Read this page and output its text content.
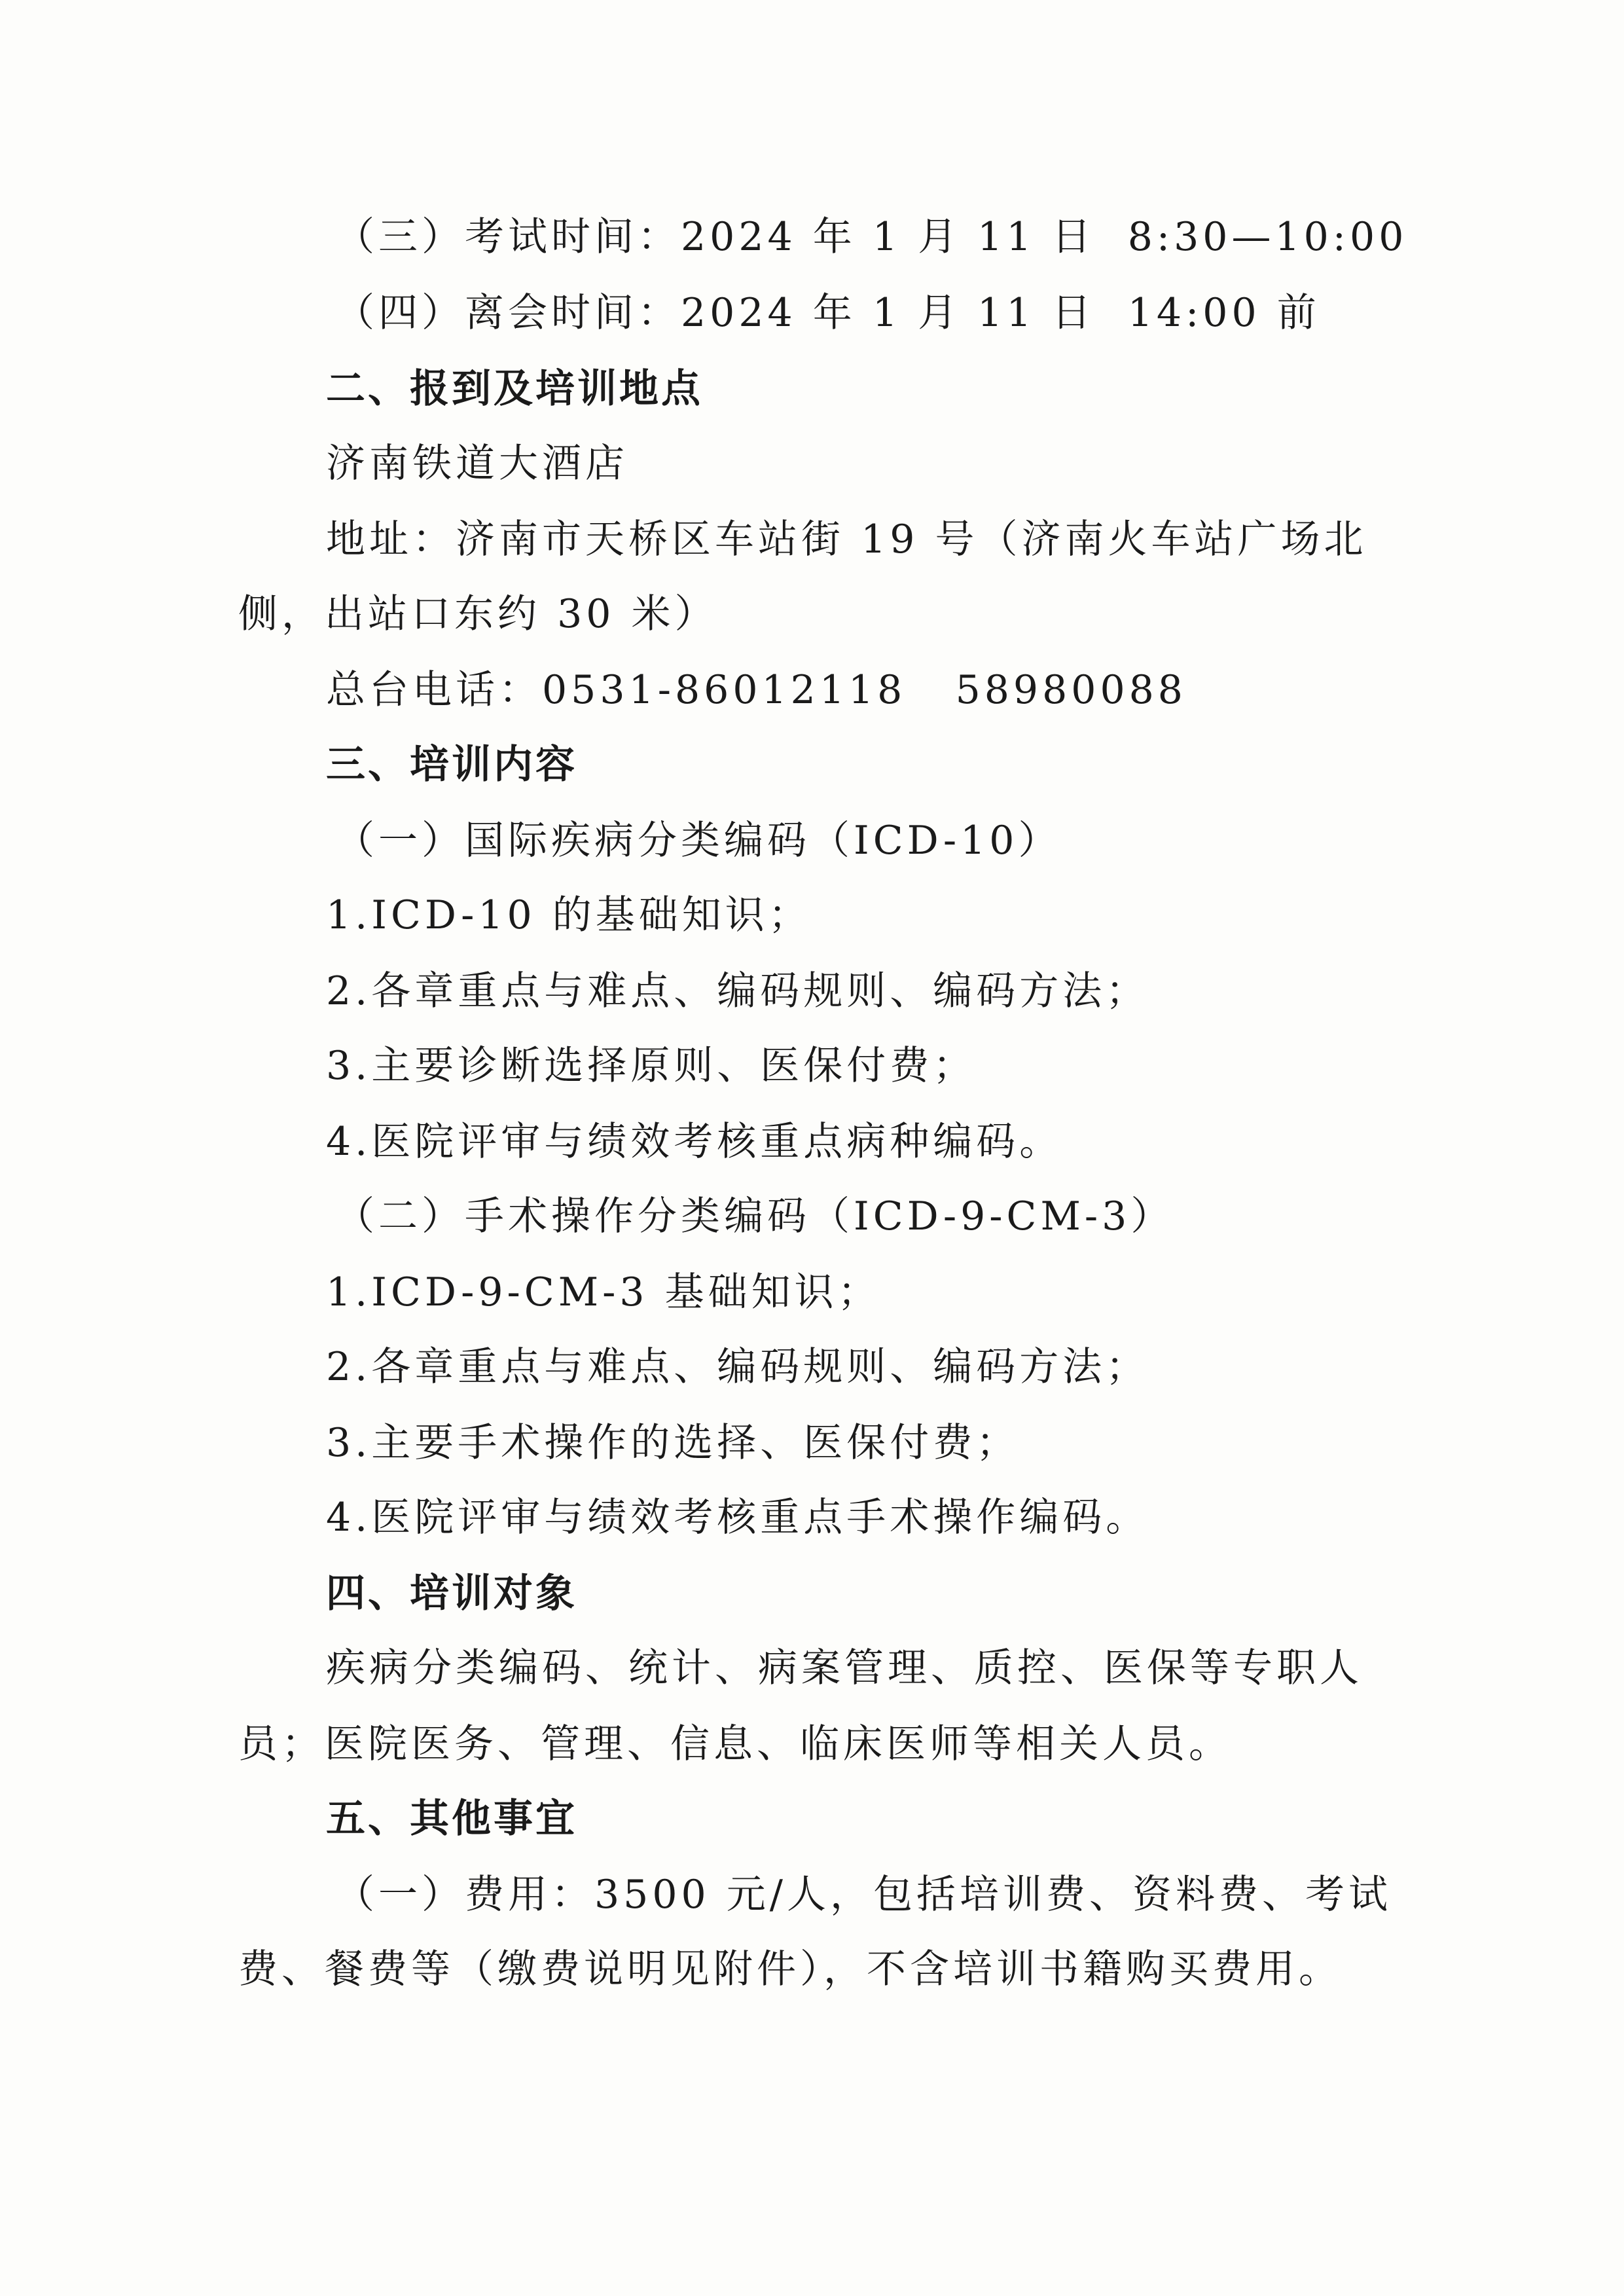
（三）考试时间：2024 年 1 月 11 日  8:30—10:00
（四）离会时间：2024 年 1 月 11 日  14:00 前
二、报到及培训地点
济南铁道大酒店
地址：济南市天桥区车站街 19 号（济南火车站广场北
侧，出站口东约 30 米）
总台电话：0531-86012118   58980088
三、培训内容
（一）国际疾病分类编码（ICD-10）
1.ICD-10 的基础知识；
2.各章重点与难点、编码规则、编码方法；
3.主要诊断选择原则、医保付费；
4.医院评审与绩效考核重点病种编码。
（二）手术操作分类编码（ICD-9-CM-3）
1.ICD-9-CM-3 基础知识；
2.各章重点与难点、编码规则、编码方法；
3.主要手术操作的选择、医保付费；
4.医院评审与绩效考核重点手术操作编码。
四、培训对象
疾病分类编码、统计、病案管理、质控、医保等专职人
员；医院医务、管理、信息、临床医师等相关人员。
五、其他事宜
（一）费用：3500 元/人，包括培训费、资料费、考试
费、餐费等（缴费说明见附件），不含培训书籍购买费用。
